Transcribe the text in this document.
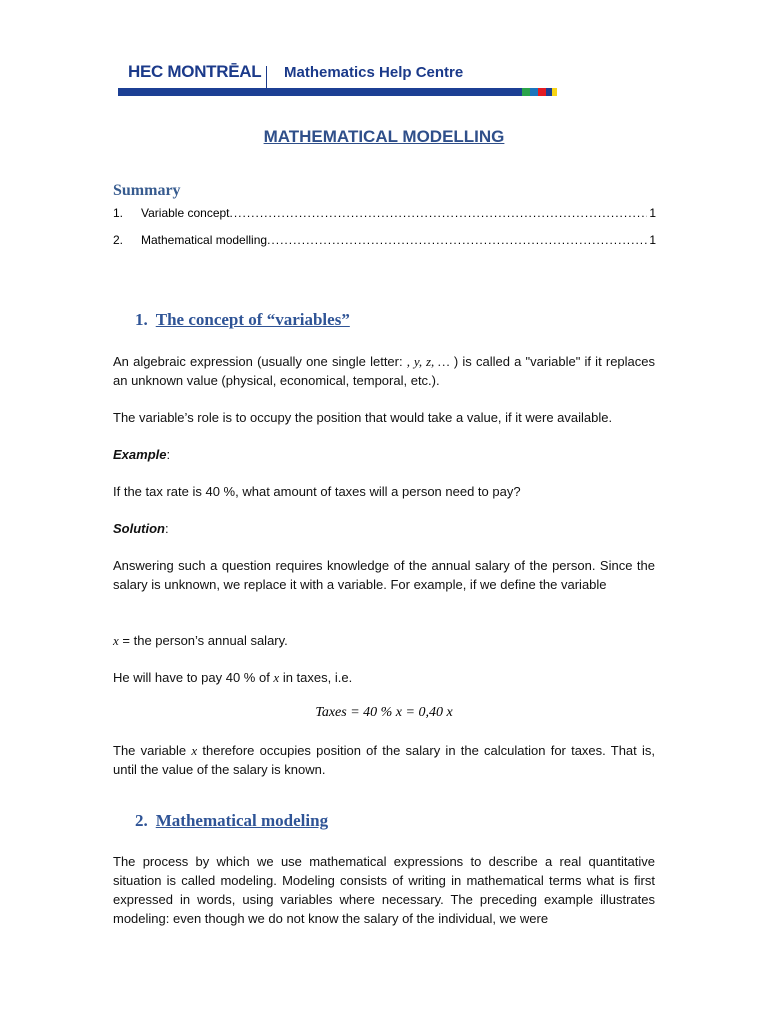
HEC MONTRĒAL Mathematics Help Centre
MATHEMATICAL MODELLING
Summary
1.	Variable concept .....	1
2.	Mathematical modelling .....	1
1. The concept of “variables”
An algebraic expression (usually one single letter: , y, z, … ) is called a "variable" if it replaces an unknown value (physical, economical, temporal, etc.).
The variable’s role is to occupy the position that would take a value, if it were available.
Example:
If the tax rate is 40 %, what amount of taxes will a person need to pay?
Solution:
Answering such a question requires knowledge of the annual salary of the person. Since the salary is unknown, we replace it with a variable. For example, if we define the variable
x = the person’s annual salary.
He will have to pay 40 % of x in taxes, i.e.
Taxes = 40 % x = 0,40 x
The variable x therefore occupies position of the salary in the calculation for taxes. That is, until the value of the salary is known.
2. Mathematical modeling
The process by which we use mathematical expressions to describe a real quantitative situation is called modeling. Modeling consists of writing in mathematical terms what is first expressed in words, using variables where necessary. The preceding example illustrates modeling: even though we do not know the salary of the individual, we were
